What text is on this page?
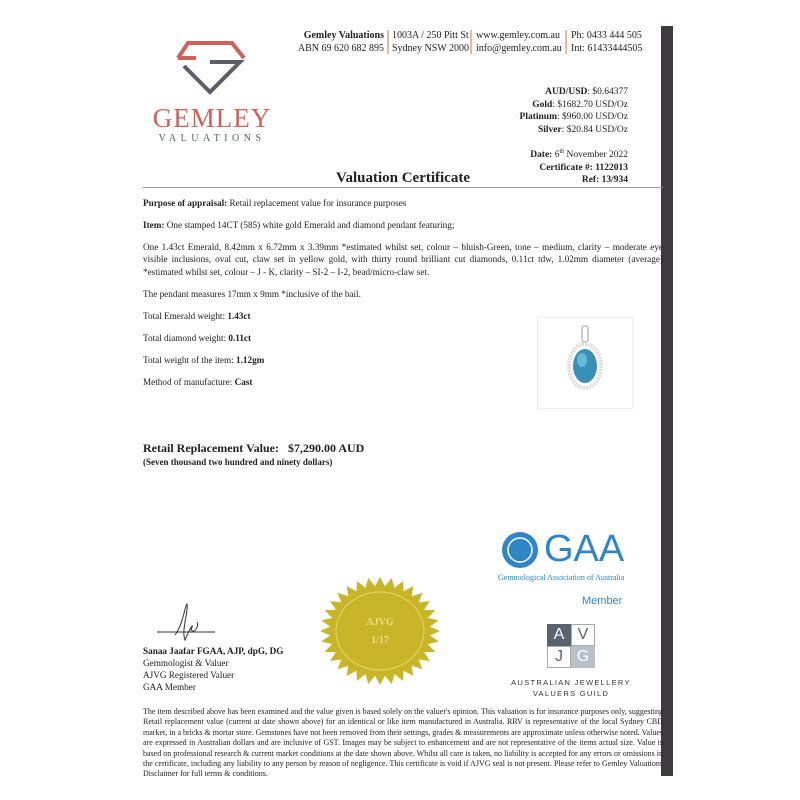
GEMLEY
VALUATIONS
Gemley Valuations
ABN 69 620 682 895
1003A / 250 Pitt St
Sydney NSW 2000
www.gemley.com.au
info@gemley.com.au
Ph: 0433 444 505
Int: 61433444505
AUD/USD: $0.64377
Gold: $1682.70 USD/Oz
Platinum: $960.00 USD/Oz
Silver: $20.84 USD/Oz
Date: 6th November 2022
Certificate #: 1122013
Ref: 13/934
Valuation Certificate
Purpose of appraisal: Retail replacement value for insurance purposes
Item: One stamped 14CT (585) white gold Emerald and diamond pendant featuring;
One 1.43ct Emerald, 8.42mm x 6.72mm x 3.39mm *estimated whilst set, colour – bluish-Green, tone – medium, clarity – moderate eye visible inclusions, oval cut, claw set in yellow gold, with thirty round brilliant cut diamonds, 0.11ct tdw, 1.02mm diameter (average) *estimated whilst set, colour – J - K, clarity – SI-2 – I-2, bead/micro-claw set.
The pendant measures 17mm x 9mm *inclusive of the bail.
Total Emerald weight: 1.43ct
Total diamond weight: 0.11ct
Total weight of the item: 1.12gm
Method of manufacture: Cast
Retail Replacement Value: $7,290.00 AUD
(Seven thousand two hundred and ninety dollars)
Sanaa Jaafar FGAA, AJP, dpG, DG
Gemmologist & Valuer
AJVG Registered Valuer
GAA Member
AJVG
1/17
GAA
Gemmological Association of Australia
Member
A V
J G
AUSTRALIAN JEWELLERY
VALUERS GUILD
The item described above has been examined and the value given is based solely on the valuer's opinion. This valuation is for insurance purposes only, suggesting Retail replacement value (current at date shown above) for an identical or like item manufactured in Australia. RRV is representative of the local Sydney CBD market, in a bricks & mortar store. Gemstones have not been removed from their settings, grades & measurements are approximate unless otherwise noted. Values are expressed in Australian dollars and are inclusive of GST. Images may be subject to enhancement and are not representative of the items actual size. Value is based on professional research & current market conditions at the date shown above. Whilst all care is taken, no liability is accepted for any errors or omissions in the certificate, including any liability to any person by reason of negligence. This certificate is void if AJVG seal is not present. Please refer to Gemley Valuations Disclaimer for full terms & conditions.
